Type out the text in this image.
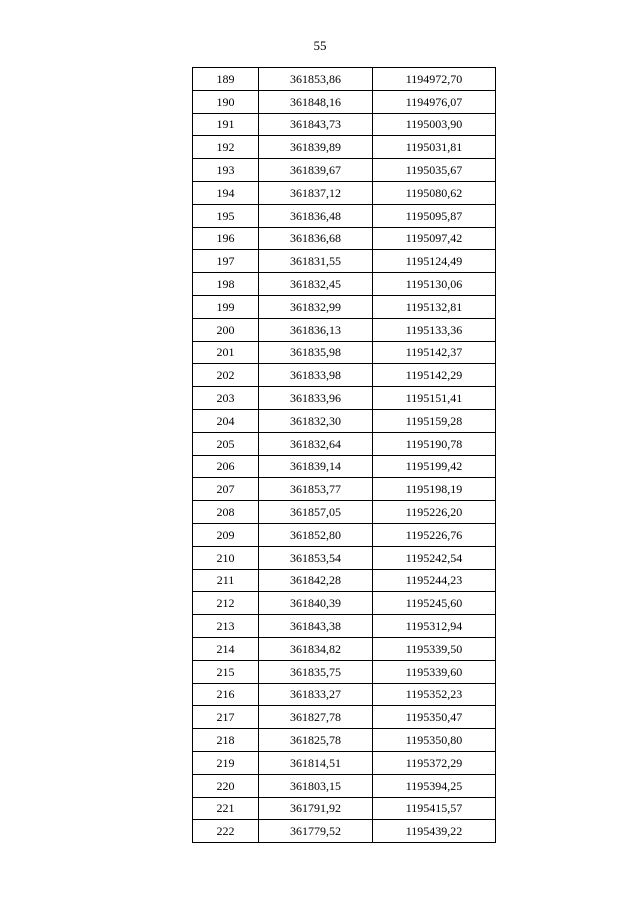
55
189	361853,86	1194972,70
190	361848,16	1194976,07
191	361843,73	1195003,90
192	361839,89	1195031,81
193	361839,67	1195035,67
194	361837,12	1195080,62
195	361836,48	1195095,87
196	361836,68	1195097,42
197	361831,55	1195124,49
198	361832,45	1195130,06
199	361832,99	1195132,81
200	361836,13	1195133,36
201	361835,98	1195142,37
202	361833,98	1195142,29
203	361833,96	1195151,41
204	361832,30	1195159,28
205	361832,64	1195190,78
206	361839,14	1195199,42
207	361853,77	1195198,19
208	361857,05	1195226,20
209	361852,80	1195226,76
210	361853,54	1195242,54
211	361842,28	1195244,23
212	361840,39	1195245,60
213	361843,38	1195312,94
214	361834,82	1195339,50
215	361835,75	1195339,60
216	361833,27	1195352,23
217	361827,78	1195350,47
218	361825,78	1195350,80
219	361814,51	1195372,29
220	361803,15	1195394,25
221	361791,92	1195415,57
222	361779,52	1195439,22
